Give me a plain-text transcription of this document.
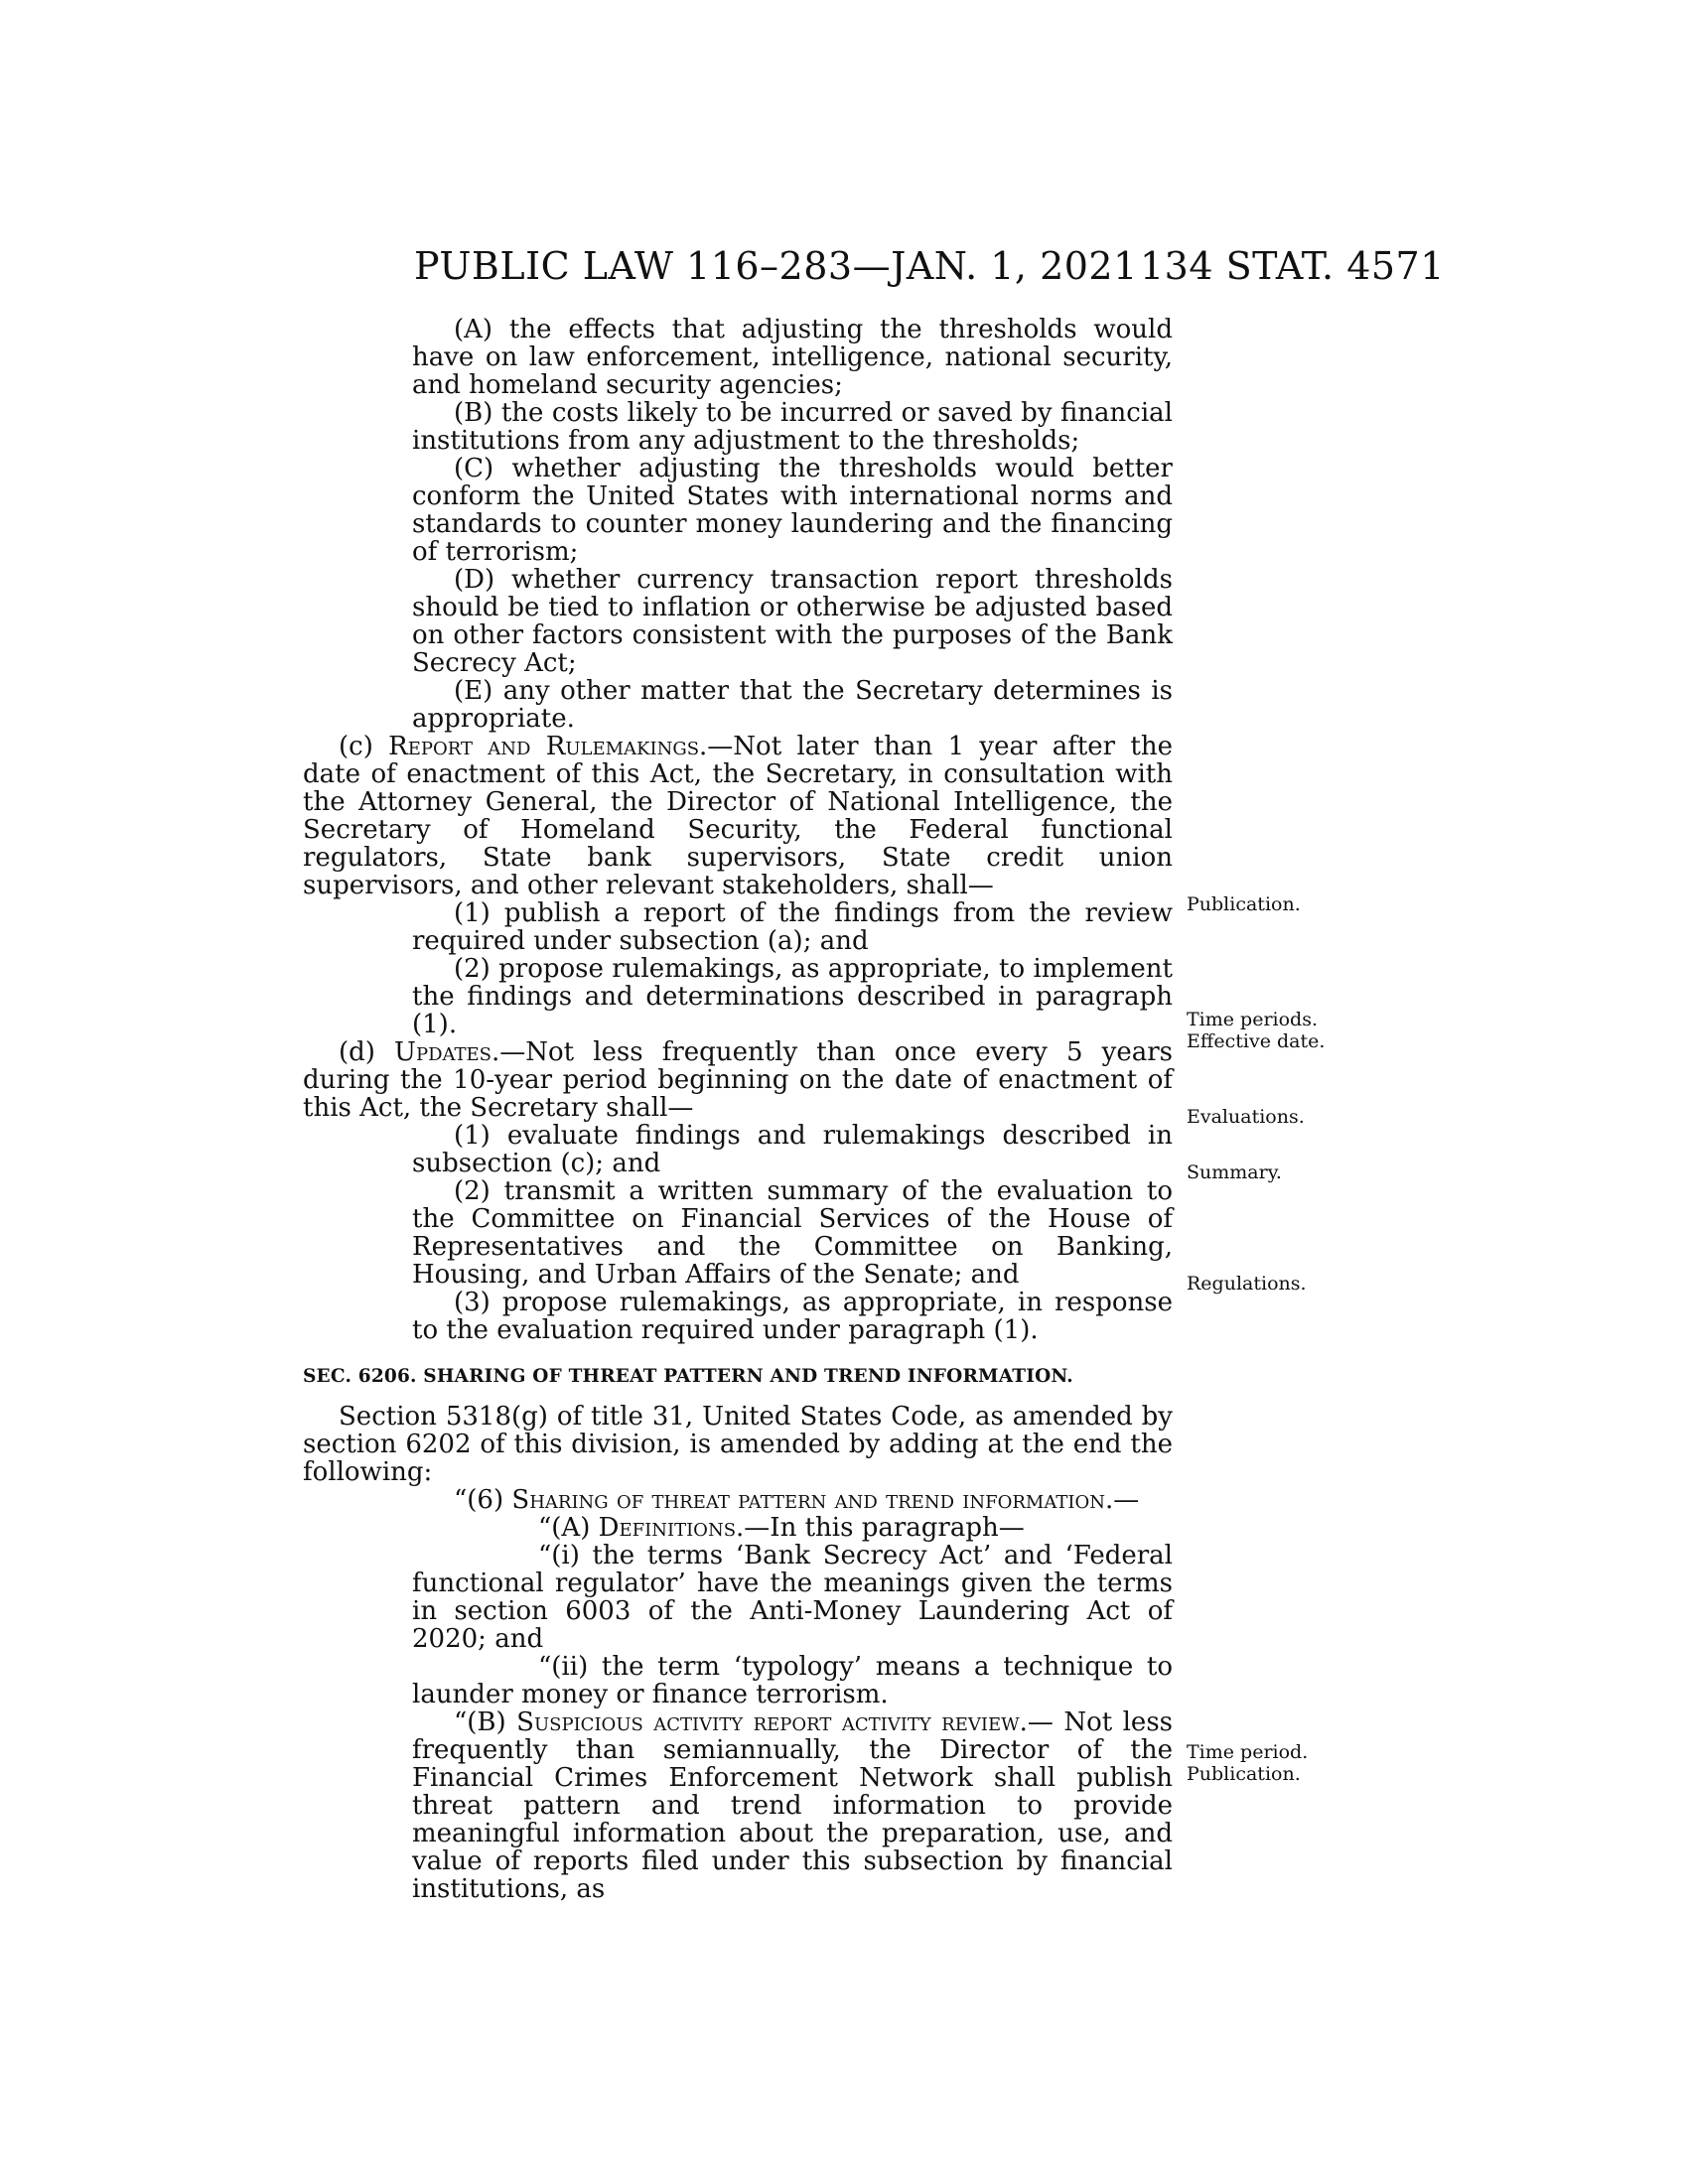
PUBLIC LAW 116–283—JAN. 1, 2021 134 STAT. 4571

(A) the effects that adjusting the thresholds would have on law enforcement, intelligence, national security, and homeland security agencies;

(B) the costs likely to be incurred or saved by financial institutions from any adjustment to the thresholds;

(C) whether adjusting the thresholds would better conform the United States with international norms and standards to counter money laundering and the financing of terrorism;

(D) whether currency transaction report thresholds should be tied to inflation or otherwise be adjusted based on other factors consistent with the purposes of the Bank Secrecy Act;

(E) any other matter that the Secretary determines is appropriate.

(c) Report and Rulemakings.—Not later than 1 year after the date of enactment of this Act, the Secretary, in consultation with the Attorney General, the Director of National Intelligence, the Secretary of Homeland Security, the Federal functional regulators, State bank supervisors, State credit union supervisors, and other relevant stakeholders, shall—

(1) publish a report of the findings from the review required under subsection (a); and

(2) propose rulemakings, as appropriate, to implement the findings and determinations described in paragraph (1).

(d) Updates.—Not less frequently than once every 5 years during the 10-year period beginning on the date of enactment of this Act, the Secretary shall—

(1) evaluate findings and rulemakings described in subsection (c); and

(2) transmit a written summary of the evaluation to the Committee on Financial Services of the House of Representatives and the Committee on Banking, Housing, and Urban Affairs of the Senate; and

(3) propose rulemakings, as appropriate, in response to the evaluation required under paragraph (1).

SEC. 6206. SHARING OF THREAT PATTERN AND TREND INFORMATION.

Section 5318(g) of title 31, United States Code, as amended by section 6202 of this division, is amended by adding at the end the following:

“(6) Sharing of threat pattern and trend information.—

“(A) Definitions.—In this paragraph—

“(i) the terms ‘Bank Secrecy Act’ and ‘Federal functional regulator’ have the meanings given the terms in section 6003 of the Anti-Money Laundering Act of 2020; and

“(ii) the term ‘typology’ means a technique to launder money or finance terrorism.

“(B) Suspicious activity report activity review.— Not less frequently than semiannually, the Director of the Financial Crimes Enforcement Network shall publish threat pattern and trend information to provide meaningful information about the preparation, use, and value of reports filed under this subsection by financial institutions, as

Publication.
Time periods.
Effective date.
Evaluations.
Summary.
Regulations.
Time period.
Publication.
